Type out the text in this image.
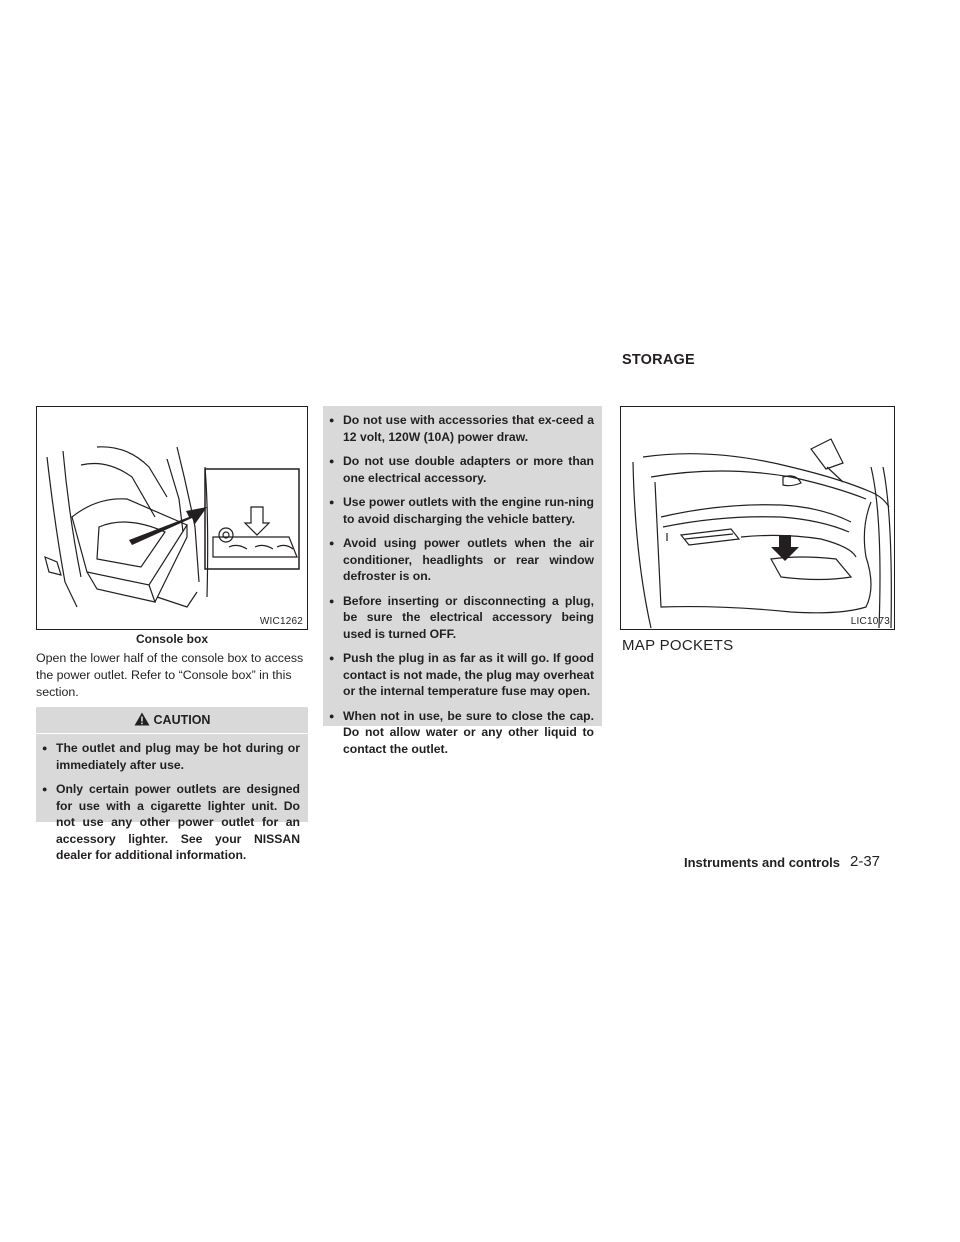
STORAGE
WIC1262
Console box
Open the lower half of the console box to access the power outlet. Refer to “Console box” in this section.
CAUTION
● The outlet and plug may be hot during or immediately after use.
● Only certain power outlets are designed for use with a cigarette lighter unit. Do not use any other power outlet for an accessory lighter. See your NISSAN dealer for additional information.
● Do not use with accessories that ex-ceed a 12 volt, 120W (10A) power draw.
● Do not use double adapters or more than one electrical accessory.
● Use power outlets with the engine run-ning to avoid discharging the vehicle battery.
● Avoid using power outlets when the air conditioner, headlights or rear window defroster is on.
● Before inserting or disconnecting a plug, be sure the electrical accessory being used is turned OFF.
● Push the plug in as far as it will go. If good contact is not made, the plug may overheat or the internal temperature fuse may open.
● When not in use, be sure to close the cap. Do not allow water or any other liquid to contact the outlet.
LIC1073
MAP POCKETS
Instruments and controls 2-37
